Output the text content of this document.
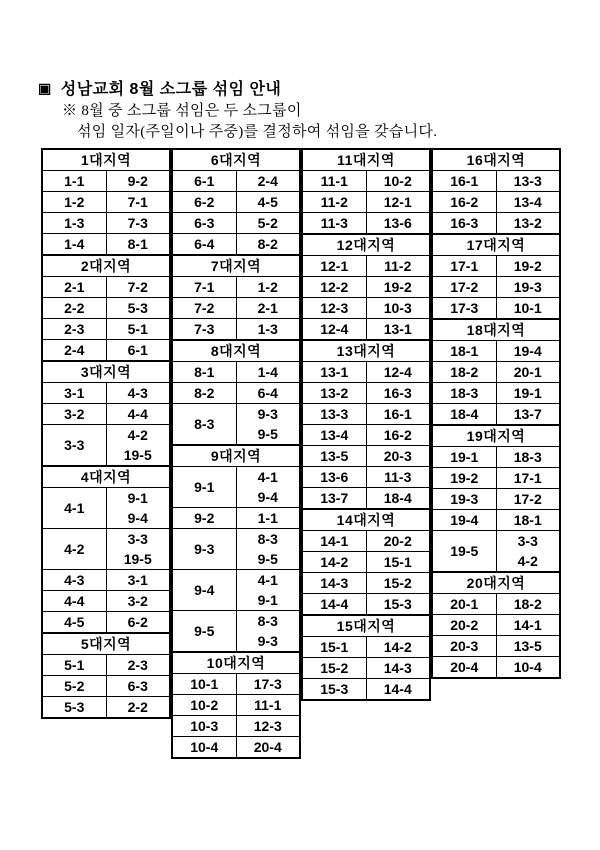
▣ 성남교회 8월 소그룹 섞임 안내
※ 8월 중 소그룹 섞임은 두 소그룹이
섞임 일자(주일이나 주중)를 결정하여 섞임을 갖습니다.
1대지역	
1-1	9-2

1-2	7-1

1-3	7-3

1-4	8-1
2대지역	
2-1	7-2

2-2	5-3

2-3	5-1

2-4	6-1
3대지역	
3-1	4-3

3-2	4-4

3-3	4-2
19-5
4대지역	
4-1	9-1
9-4

4-2	3-3
19-5

4-3	3-1

4-4	3-2

4-5	6-2
5대지역	
5-1	2-3

5-2	6-3

5-3	2-2
6대지역	
6-1	2-4

6-2	4-5

6-3	5-2

6-4	8-2
7대지역	
7-1	1-2

7-2	2-1

7-3	1-3
8대지역	
8-1	1-4

8-2	6-4

8-3	9-3
9-5
9대지역	
9-1	4-1
9-4

9-2	1-1

9-3	8-3
9-5

9-4	4-1
9-1

9-5	8-3
9-3
10대지역	
10-1	17-3

10-2	11-1

10-3	12-3

10-4	20-4
11대지역	
11-1	10-2

11-2	12-1

11-3	13-6
12대지역	
12-1	11-2

12-2	19-2

12-3	10-3

12-4	13-1
13대지역	
13-1	12-4

13-2	16-3

13-3	16-1

13-4	16-2

13-5	20-3

13-6	11-3

13-7	18-4
14대지역	
14-1	20-2

14-2	15-1

14-3	15-2

14-4	15-3
15대지역	
15-1	14-2

15-2	14-3

15-3	14-4
16대지역	
16-1	13-3

16-2	13-4

16-3	13-2
17대지역	
17-1	19-2

17-2	19-3

17-3	10-1
18대지역	
18-1	19-4

18-2	20-1

18-3	19-1

18-4	13-7
19대지역	
19-1	18-3

19-2	17-1

19-3	17-2

19-4	18-1

19-5	3-3
4-2
20대지역	
20-1	18-2

20-2	14-1

20-3	13-5

20-4	10-4
